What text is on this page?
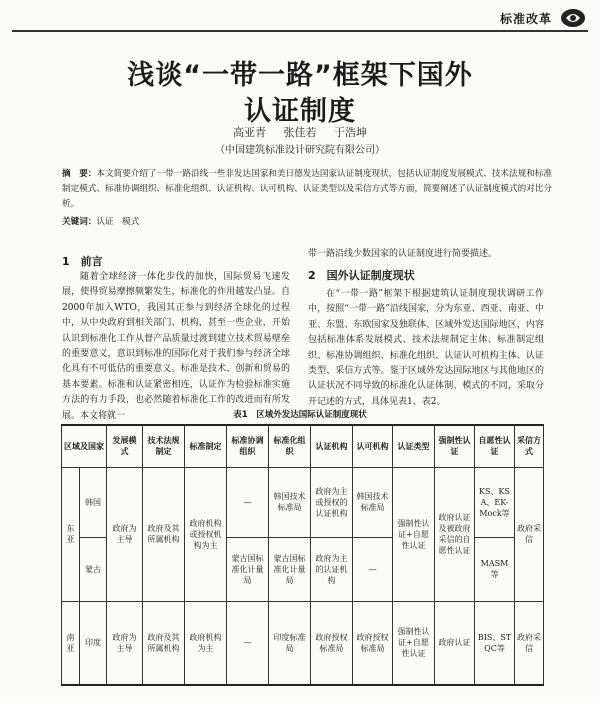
标准改革
浅谈“一带一路”框架下国外
认证制度
高亚青 张佳若 于浩坤
（中国建筑标准设计研究院有限公司）
摘　要：本文简要介绍了一带一路沿线一些非发达国家和美日德发达国家认证制度现状，包括认证制度发展模式、技术法规和标准制定模式、标准协调组织、标准化组织、认证机构、认可机构、认证类型以及采信方式等方面，简要阐述了认证制度模式的对比分析。
关键词：认证　模式
1　前言
随着全球经济一体化步伐的加快，国际贸易飞速发展，使得贸易摩擦频繁发生，标准化的作用越发凸显。自2000年加入WTO，我国其正参与到经济全球化的过程中，从中央政府到相关部门、机构，甚至一些企业，开始认识到标准化工作从督产品质量过渡到建立技术贸易壁垒的重要意义，意识到标准的国际化对于我们参与经济全球化具有不可低估的重要意义。标准是技术、创新和贸易的基本要素。标准和认证紧密相连，认证作为检验标准实施方法的有力手段，也必然随着标准化工作的改进而有所发展。本文将就一
带一路沿线少数国家的认证制度进行简要描述。
2　国外认证制度现状
在“一带一路”框架下根据建筑认证制度现状调研工作中，按照“一带一路”沿线国家，分为东亚、西亚、南亚、中亚、东盟、东欧国家及独联体、区域外发达国际地区，内容包括标准体系发展模式、技术法规制定主体、标准制定组织、标准协调组织、标准化组织、认证认可机构主体、认证类型、采信方式等。鉴于区域外发达国际地区与其他地区的认证状况不同导致的标准化认证体制、模式的不同，采取分开记述的方式，具体见表1、表2。
表1　区域外发达国际认证制度现状
区域及国家		发展模式	技术法规制定	标准制定	标准协调组织	标准化组织	认证机构	认可机构	认证类型	强制性认证	自愿性认证	采信方式
东亚	韩国	政府为主导	政府及其所属机构	政府机构或授权机构为主	—	韩国技术标准局	政府为主或授权的认证机构	韩国技术标准局	强制性认证+自愿性认证	政府认证及被政府采信的自愿性认证	KS、KSA、EK-Mock等	政府采信
	蒙古				蒙古国标准化计量局	蒙古国标准化计量局	政府为主的认证机构	—			MASM等	
南亚	印度	政府为主导	政府及其所属机构	政府机构为主	—	印度标准局	政府授权标准局	政府授权标准局	强制性认证+自愿性认证	政府认证	BIS、STQC等	政府采信
